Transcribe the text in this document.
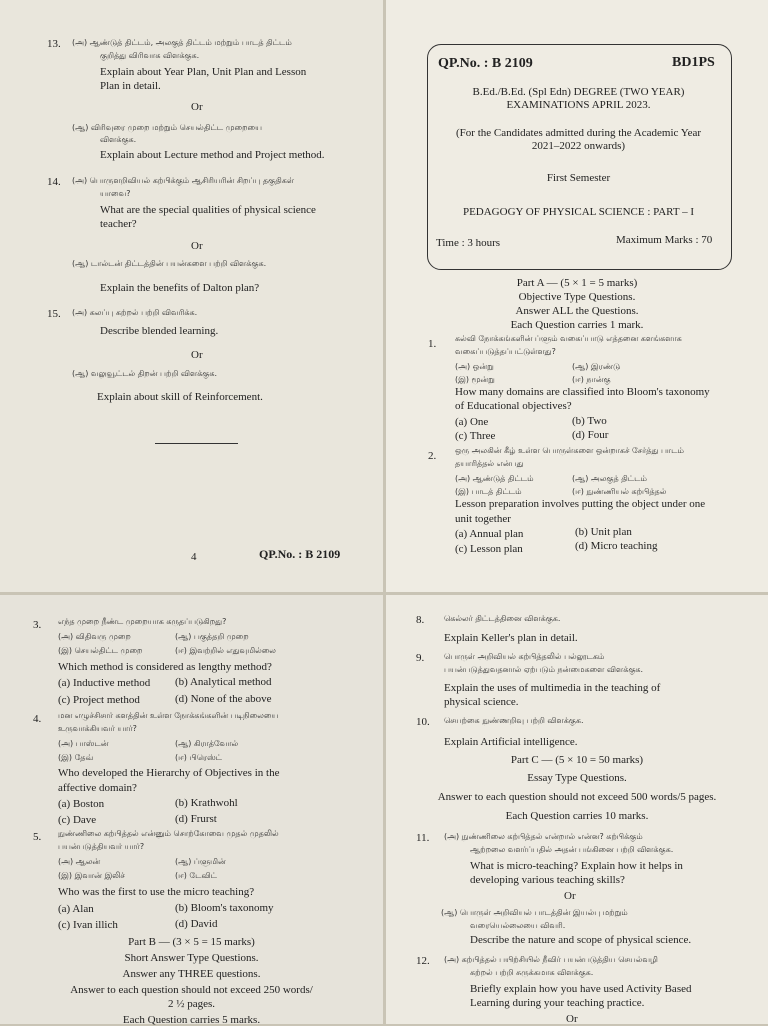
13. (அ) ஆண்டுத் திட்டம், அலகுத் திட்டம் மற்றும் பாடத் திட்டம்
குறித்து விரிவாக விளக்குக.
Explain about Year Plan, Unit Plan and Lesson
Plan in detail.
Or
(ஆ) விரிவுரை முறை மற்றும் செயல்திட்ட முறையை
விளக்குக.
Explain about Lecture method and Project method.
14. (அ) பொருளறிவியல் கற்பிக்கும் ஆசிரியரின் சிறப்பு தகுதிகள்
யாவை?
What are the special qualities of physical science
teacher?
Or
(ஆ) டால்டன் திட்டத்தின் பயன்களை பற்றி விளக்குக.
Explain the benefits of Dalton plan?
15. (அ) கலப்பு கற்றல் பற்றி விவரிக்க.
Describe blended learning.
Or
(ஆ) வலுவூட்டல் திறன் பற்றி விளக்குக.
Explain about skill of Reinforcement.
4	QP.No. : B 2109
QP.No. : B 2109	BD1PS
B.Ed./B.Ed. (Spl Edn) DEGREE (TWO YEAR)
EXAMINATIONS APRIL 2023.
(For the Candidates admitted during the Academic Year
2021–2022 onwards)
First Semester
PEDAGOGY OF PHYSICAL SCIENCE : PART – I
Time : 3 hours	Maximum Marks : 70
Part A — (5 × 1 = 5 marks)
Objective Type Questions.
Answer ALL the Questions.
Each Question carries 1 mark.
1. கல்வி நோக்கங்களின் ப்ளும் வகைப்பாடு எத்தனை களங்களாக
வகைப்படுத்தப்பட்டுள்ளது?
(அ) ஒன்று	(ஆ) இரண்டு
(இ) மூன்று	(ஈ) நான்கு
How many domains are classified into Bloom's taxonomy
of Educational objectives?
(a) One	(b) Two
(c) Three	(d) Four
2. ஒரு அலகின் கீழ் உள்ள பொருள்களை ஒன்றாகச் சேர்த்து பாடம்
தயாரித்தல் என்பது
(அ) ஆண்டுத் திட்டம்	(ஆ) அலகுத் திட்டம்
(இ) பாடத் திட்டம்	(ஈ) நுண்ணியல் கற்பித்தல்
Lesson preparation involves putting the object under one
unit together
(a) Annual plan	(b) Unit plan
(c) Lesson plan	(d) Micro teaching
3. எந்த முறை நீண்ட முறையாக கருதப்படுகிறது?
(அ) விதிவரு முறை	(ஆ) பகுத்தறி முறை
(இ) செயல்திட்ட முறை	(ஈ) இவற்றில் எதுவுமில்லை
Which method is considered as lengthy method?
(a) Inductive method (b) Analytical method
(c) Project method	(d) None of the above
4. மன எழுச்சிசார் களத்தின் உள்ள நோக்கங்களின் படிநிலையை
உருவாக்கியவர் யார்?
(அ) பாஸ்டன்	(ஆ) கிராத்வோல்
(இ) தேவ்	(ஈ) பிரெஸ்ட்
Who developed the Hierarchy of Objectives in the
affective domain?
(a) Boston	(b) Krathwohl
(c) Dave	(d) Frurst
5. நுண்ணிலை கற்பித்தல் என்னும் சொற்கோவை முதல் முதலில்
பயன்படுத்தியவர் யார்?
(அ) ஆலன்	(ஆ) ப்ளுமின்
(இ) இவான் இலிச்	(ஈ) டேவிட்
Who was the first to use the micro teaching?
(a) Alan	(b) Bloom's taxonomy
(c) Ivan illich	(d) David
Part B — (3 × 5 = 15 marks)
Short Answer Type Questions.
Answer any THREE questions.
Answer to each question should not exceed 250 words/
2 ½ pages.
Each Question carries 5 marks.
8. கெல்லர் திட்டத்தினை விளக்குக.
Explain Keller's plan in detail.
9. பொருள் அறிவியல் கற்பித்தலில் பல்லூடகம்
பயன்படுத்துவதனால் ஏற்படும் நன்மைகளை விளக்குக.
Explain the uses of multimedia in the teaching of
physical science.
10. செயற்கை நுண்ணறிவு பற்றி விளக்குக.
Explain Artificial intelligence.
Part C — (5 × 10 = 50 marks)
Essay Type Questions.
Answer to each question should not exceed 500 words/5 pages.
Each Question carries 10 marks.
11. (அ) நுண்ணிலை கற்பித்தல் என்றால் என்ன? கற்பிக்கும்
ஆற்றலை வளர்ப்பதில் அதன் பங்கினை பற்றி விளக்குக.
What is micro-teaching? Explain how it helps in
developing various teaching skills?
Or
(ஆ) பொருள் அறிவியல் பாடத்தின் இயல்பு மற்றும்
வரையெல்லையை விவரி.
Describe the nature and scope of physical science.
12. (அ) கற்பித்தல் பயிற்சியில் நீவிர் பயன்படுத்திய செயல்வழி
கற்றல் பற்றி சுருக்கமாக விளக்குக.
Briefly explain how you have used Activity Based
Learning during your teaching practice.
Or
